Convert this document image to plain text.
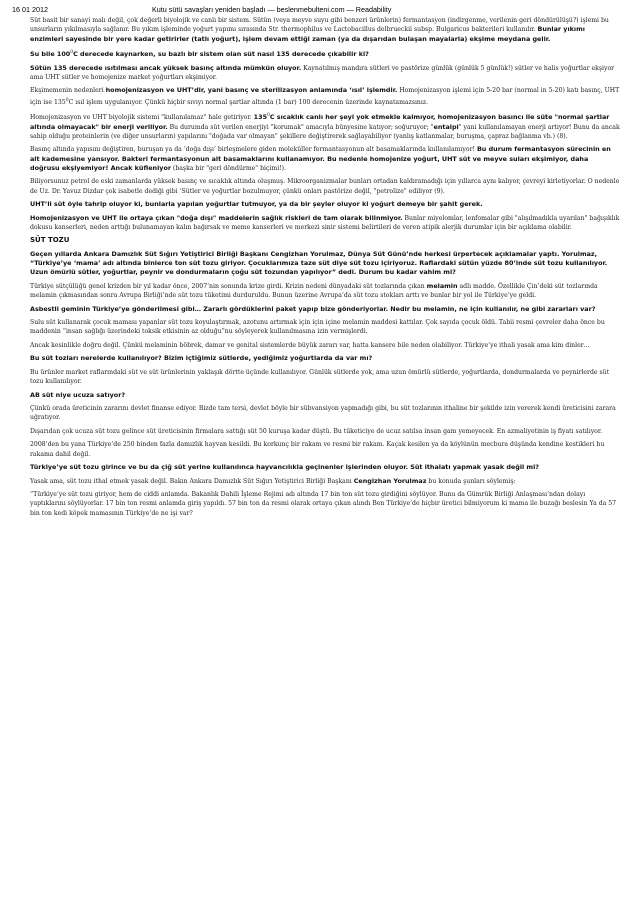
16 01 2012	Kutu sütü savaşları yeniden başladı — beslenmebulteni.com — Readability

Süt basit bir sanayi malı değil, çok değerli biyolojik ve canlı bir sistem. Sütün (veya meyve suyu gibi benzeri ürünlerin) fermantasyon (indirgenme, verilenin geri döndürülüşü?) işlemi bu unsurların yıkılmasıyla sağlanır. Bu yıkım işleminde yoğurt yapımı sırasında Str. thermophilus ve Lactobacillus delbrueckii subsp. Bulgaricus bakterileri kullanılır. Bunlar yıkımı enzimleri sayesinde bir yere kadar getirirler (tatlı yoğurt), işlem devam ettiği zaman (ya da dışarıdan bulaşan mayalarla) ekşime meydana gelir.

Su bile $100^0C$ derecede kaynarken, su bazlı bir sistem olan süt nasıl 135 derecede çıkabilir ki?

Sütün 135 derecede ısıtılması ancak yüksek basınç altında mümkün oluyor. Kaynatılmış mandıra sütleri ve pastörize günlük (günlük 5 günlük!) sütler ve halis yoğurtlar ekşiyor ama UHT sütler ve homojenize market yoğurtları ekşimiyor.

Ekşimemenin nedenleri homojenizasyon ve UHT’dir, yani basınç ve sterilizasyon anlamında ‘ısıl’ işlemdir. Homojenizasyon işlemi için 5-20 bar (normal in 5-20) katı basınç, UHT için ise $135^0C$ ısıl işlem uygulanıyor. Çünkü hiçbir sıvıyı normal şartlar altında (1 bar) 100 derecenin üzerinde kaynatamazsınız.

Homojenizasyon ve UHT biyolojik sistemi "kullanılamaz" hale getiriyor. $135^0C$ sıcaklık canlı her şeyi yok etmekle kalmıyor, homojenizasyon basıncı ile süte "normal şartlar altında olmayacak" bir enerji veriliyor. Bu durumda süt verilen enerjiyi "korumak" amacıyla bünyesine katıyor; soğuruyor; "entalpi" yani kullanılamayan enerji artıyor! Bunu da ancak sahip olduğu proteinlerin (ve diğer unsurların) yapılarını "doğada var olmayan" şekillere değiştirerek sağlayabiliyor (yanlış katlanmalar, buruşma, çapraz bağlanma vb.) (8).

Basınç altında yapısını değiştiren, buruşan ya da ‘doğa dışı’ birleşmelere giden moleküller fermantasyonun alt basamaklarında kullanılamıyor! Bu durum fermantasyon sürecinin en alt kademesine yansıyor. Bakteri fermantasyonun alt basamaklarını kullanamıyor. Bu nedenle homojenize yoğurt, UHT süt ve meyve suları ekşimiyor, daha doğrusu ekşiyemiyor! Ancak küfleniyor (başka bir "geri döndürme" biçimi!).

Biliyorsunuz petrol de eski zamanlarda yüksek basınç ve sıcaklık altında oluşmuş. Mikroorganizmalar bunları ortadan kaldıramadığı için yıllarca aynı kalıyor, çevreyi kirletiyorlar. O nedenle de Uz. Dr. Yavuz Dizdar çok isabetle dediği gibi ‘Sütler ve yoğurtlar bozulmuyor, çünkü onları pastörize değil, "petrolize" ediliyor (9).

UHT’li süt öyle tahrip oluyor ki, bunlarla yapılan yoğurtlar tutmuyor, ya da bir şeyler oluyor ki yoğurt demeye bir şahit gerek.

Homojenizasyon ve UHT ile ortaya çıkan "doğa dışı" maddelerin sağlık riskleri de tam olarak bilinmiyor. Bunlar miyelomlar, lenfomalar gibi "alışılmadıkla uyarılan" bağışıklık dokusu kanserleri, neden arttığı bulunamayan kalın bağırsak ve meme kanserleri ve merkezi sinir sistemi belirtileri de veren atipik alerjik durumlar için bir açıklama olabilir.

SÜT TOZU

Geçen yıllarda Ankara Damızlık Süt Sığırı Yetiştirici Birliği Başkanı Cengizhan Yorulmaz, Dünya Süt Günü’nde herkesi ürpertecek açıklamalar yaptı. Yorulmaz, “Türkiye’ye ‘mama’ adı altında binlerce ton süt tozu giriyor. Çocuklarımıza taze süt diye süt tozu içiriyoruz. Raflardaki sütün yüzde 80’inde süt tozu kullanılıyor. Uzun ömürlü sütler, yoğurtlar, peynir ve dondurmaların çoğu süt tozundan yapılıyor” dedi. Durum bu kadar vahim mi?

Türkiye sütçülüğü genel krizden bir yıl kadar önce, 2007’nin sonunda krize girdi. Krizin nedeni dünyadaki süt tozlarında çıkan melamin adlı madde. Özellikle Çin’deki süt tozlarında melamin çıkmasından sonra Avrupa Birliği’nde süt tozu tüketimi durduruldu. Bunun üzerine Avrupa’da süt tozu stokları arttı ve bunlar bir yol ile Türkiye’ye geldi.

Asbestli geminin Türkiye’ye gönderilmesi gibi… Zararlı gördüklerini paket yapıp bize gönderiyorlar. Nedir bu melamin, ne için kullanılır, ne gibi zararları var?

Sulu süt kullanarak çocuk maması yapanlar süt tozu koyulaştırmak, azotunu artırmak için için içine melamin maddesi kattılar. Çok sayıda çocuk öldü. Tabii resmi çevreler daha önce bu maddenin “insan sağlığı üzerindeki toksik etkisinin az olduğu”nu söyleyerek kullanılmasına izin vermişlerdi.

Ancak kesinlikle doğru değil. Çünkü melaminin böbrek, damar ve genital sistemlerde büyük zararı var, hatta kansere bile neden olabiliyor. Türkiye’ye ithali yasak ama kim dinler…

Bu süt tozları nerelerde kullanılıyor? Bizim içtiğimiz sütlerde, yediğimiz yoğurtlarda da var mı?

Bu ürünler market raflarındaki süt ve süt ürünlerinin yaklaşık dörtte üçünde kullanılıyor. Günlük sütlerde yok, ama uzun ömürlü sütlerde, yoğurtlarda, dondurmalarda ve peynirlerde süt tozu kullanılıyor.

AB süt niye ucuza satıyor?

Çünkü orada üreticinin zararını devlet finanse ediyor. Bizde tam tersi, devlet böyle bir sübvansiyon yapmadığı gibi, bu süt tozlarının ithaline bir şekilde izin vererek kendi üreticisini zarara uğratıyor.

Dışarıdan çok ucuza süt tozu gelince süt üreticisinin firmalara sattığı süt 50 kuruşa kadar düştü. Bu tüketiciye de ucuz satılsa insan gam yemeyecek. En azmaliyetinin iş fiyatı satılıyor.

2008’den bu yana Türkiye’de 250 binden fazla damızlık hayvan kesildi. Bu korkunç bir rakam ve resmi bir rakam. Kaçak kesilen ya da köylünün mecbura düşünda kendine kestikleri bu rakama dahil değil.

Türkiye’ye süt tozu girince ve bu da çiğ süt yerine kullanılınca hayvancılıkla geçinenler işlerinden oluyor. Süt ithalatı yapmak yasak değil mi?

Yasak ama, süt tozu ithal etmek yasak değil. Bakın Ankara Damızlık Süt Sığırı Yetiştirici Birliği Başkanı Cengizhan Yorulmaz bu konuda şunları söylemiş:

“Türkiye’ye süt tozu giriyor, hem de ciddi anlamda. Bakanlık Dahili İşleme Rejimi adı altında 17 bin ton süt tozu girdiğini söylüyor. Bunu da Gümrük Birliği Anlaşması’ndan dolayı yaptıklarını söylüyorlar. 17 bin ton resmi anlamda giriş yapıldı. 57 bin ton da resmi olarak ortaya çıkan alındı Ben Türkiye’de hiçbir üretici bilmiyorum ki mama ile buzağı beslesin Ya da 57 bin ton kedi köpek mamasının Türkiye’de ne işi var?
